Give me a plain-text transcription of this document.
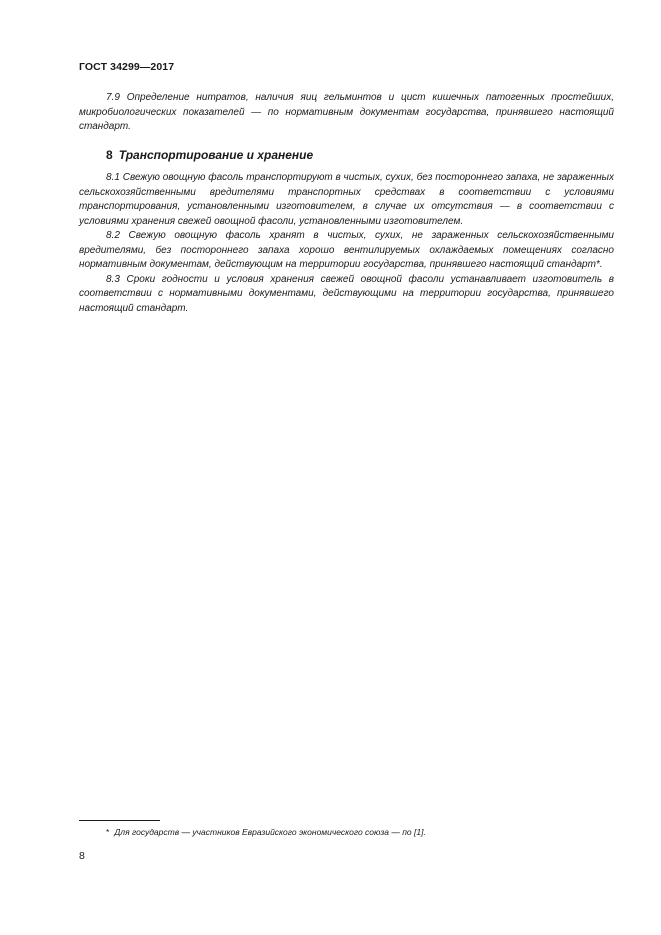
ГОСТ 34299—2017

7.9 Определение нитратов, наличия яиц гельминтов и цист кишечных патогенных простейших, микробиологических показателей — по нормативным документам государства, принявшего настоящий стандарт.

8 Транспортирование и хранение

8.1 Свежую овощную фасоль транспортируют в чистых, сухих, без постороннего запаха, не зараженных сельскохозяйственными вредителями транспортных средствах в соответствии с условиями транспортирования, установленными изготовителем, в случае их отсутствия — в соответствии с условиями хранения свежей овощной фасоли, установленными изготовителем.

8.2 Свежую овощную фасоль хранят в чистых, сухих, не зараженных сельскохозяйственными вредителями, без постороннего запаха хорошо вентилируемых охлаждаемых помещениях согласно нормативным документам, действующим на территории государства, принявшего настоящий стандарт*.

8.3 Сроки годности и условия хранения свежей овощной фасоли устанавливает изготовитель в соответствии с нормативными документами, действующими на территории государства, принявшего настоящий стандарт.

* Для государств — участников Евразийского экономического союза — по [1].
8
